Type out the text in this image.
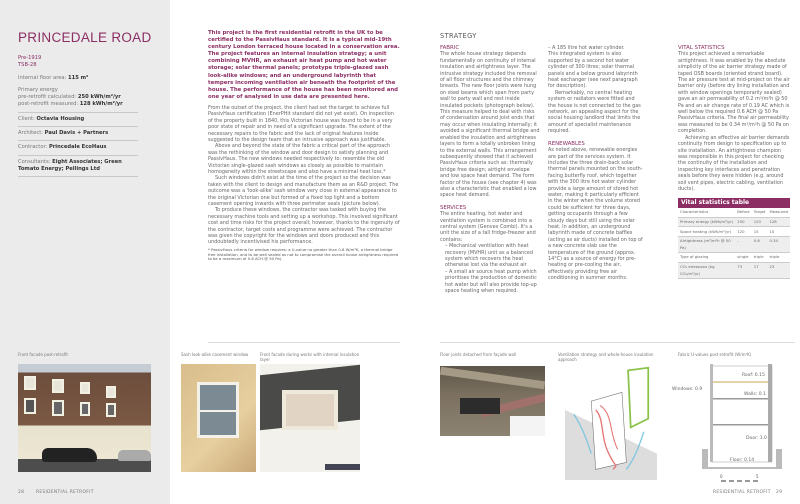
PRINCEDALE ROAD
Pre-1919
TSB-28
Internal floor area: 115 m²
Primary energy
pre-retrofit calculated: 250 kWh/m²/yr
post-retrofit measured: 128 kWh/m²/yr
Client: Octavia Housing
Architect: Paul Davis + Partners
Contractor: Princedale EcoHaus
Consultants: Eight Associates; Green Tomato Energy; Pellings Ltd
This project is the first residential retrofit in the UK to be certified to the PassivHaus standard. It is a typical mid-19th century London terraced house located in a conservation area. The project features an internal insulation strategy; a unit combining MVHR, an exhaust air heat pump and hot water storage; solar thermal panels; prototype triple-glazed sash look-alike windows; and an underground labyrinth that tempers incoming ventilation air beneath the footprint of the house. The performance of the house has been monitored and one year of analysed in use data are presented here.

From the outset of the project, the client had set the target to achieve full PassivHaus certification (EnerPHit standard did not yet exist). On inspection of the property built in 1840, this Victorian house was found to be in a very poor state of repair and in need of a significant upgrade. The extent of the necessary repairs to the fabric and the lack of original features inside suggested to the design team that an intrusive approach was justifiable.

Above and beyond the state of the fabric a critical part of the approach was the rethinking of the window and door design to satisfy planning and PassivHaus. The new windows needed respectively to: resemble the old Victorian single-glazed sash windows as closely as possible to maintain homogeneity within the streetscape and also have a minimal heat loss.*

Such windows didn't exist at the time of the project so the decision was taken with the client to design and manufacture them as an R&D project. The outcome was a 'look-alike' sash window very close in external appearance to the original Victorian one but formed of a fixed top light and a bottom casement opening inwards with three perimeter seals (picture below).

To produce these windows, the contractor was tasked with buying the necessary machine tools and setting up a workshop. This involved significant cost and time risks for the project overall; however, thanks to the ingenuity of the contractor, target costs and programme were achieved. The contractor was given the copyright for the windows and doors produced and this undoubtedly incentivised his performance.

* PassivHaus criteria for window requires: a U-value no greater than 0.8 W/m²K, a thermal bridge free installation, and to be well sealed as not to compromise the overall house airtightness required to be a maximum of 0.6 ACH @ 50 Pa).
Front facade post-retrofit	Sash look-alike casement window	Front facade during works with internal insulation layer
28	RESIDENTIAL RETROFIT
STRATEGY
FABRIC
The whole house strategy depends fundamentally on continuity of internal insulation and airtightness layer. The intrusive strategy included the removal of all floor structures and the chimney breasts. The new floor joists were hung on steel beams which span from party wall to party wall and rest inside insulated pockets (photograph below). This measure helped to deal with risks of condensation around joist ends that may occur when insulating internally; it avoided a significant thermal bridge and enabled the insulation and airtightness layers to form a totally unbroken lining to the external walls. This arrangement subsequently showed that it achieved PassivHaus criteria such as: thermally bridge free design; airtight envelope and low space heat demand. The form factor of the house (see chapter 4) was also a characteristic that enabled a low space heat demand.
SERVICES
The entire heating, hot water and ventilation system is combined into a central system (Genvex Combi). It's a unit the size of a tall fridge-freezer and contains:
– Mechanical ventilation with heat recovery (MVHR) unit as a balanced system which recovers the heat otherwise lost via the exhaust air
– A small air source heat pump which prioritises the production of domestic hot water but will also provide top-up space heating when required.
– A 185 litre hot water cylinder.
This integrated system is also supported by a second hot water cylinder of 300 litres; solar thermal panels and a below ground labyrinth heat exchanger (see next paragraph for description).

Remarkably, no central heating system or radiators were fitted and the house is not connected to the gas network, an appealing aspect for the social housing landlord that limits the amount of specialist maintenance required.

RENEWABLES
As noted above, renewable energies are part of the services system. It includes the three drain-back solar thermal panels mounted on the south-facing butterfly roof, which together with the 300 litre hot water cylinder provide a large amount of stored hot water, making it particularly efficient in the winter when the volume stored could be sufficient for three days, getting occupants through a few cloudy days but still using the solar heat. In addition, an underground labyrinth made of concrete baffles (acting as air ducts) installed on top of a new concrete slab use the temperature of the ground (approx. 14°C) as a source of energy for pre-heating or pre-cooling the air, effectively providing free air conditioning in summer months.
VITAL STATISTICS
This project achieved a remarkable airtightness. It was enabled by the absolute simplicity of the air barrier strategy made of taped OSB boards (oriented strand board). The air pressure test at mid-project on the air barrier only (before dry lining installation and with window openings temporarily sealed) gave an air permeability of 0.2 m³/m²h @ 50 Pa and an air change rate of 0.19 AC which is well below the required 0.6 ACH @ 50 Pa PassivHaus criteria. The final air permeability was measured to be 0.34 m³/m²h @ 50 Pa on completion.

Achieving an effective air barrier demands continuity from design to specification up to site installation. An airtightness champion was responsible in this project for checking the continuity of the installation and inspecting key interfaces and penetration seals before they were hidden (e.g. around soil vent pipes, electric cabling, ventilation ducts).

Vital statistics table
Characteristics	Before	Target	Measured
Primary energy (kWh/m²/yr)	250	120	128
Space heating (kWh/m²/yr)	120	15	10
Airtightness (m³/m²h @ 50 Pa)	-	0.6	0.34
Type of glazing	single	triple	triple
CO₂ emissions (kg CO₂/m²/yr)	73	17	23
Floor joists detached from façade wall	Ventilation strategy and whole-house insulation approach
Fabric U-values post-retrofit (W/m²K)
Roof: 0.15
Windows: 0.9
Walls: 0.1
Door: 1.0
Floor: 0.14
0	5
RESIDENTIAL RETROFIT 29
